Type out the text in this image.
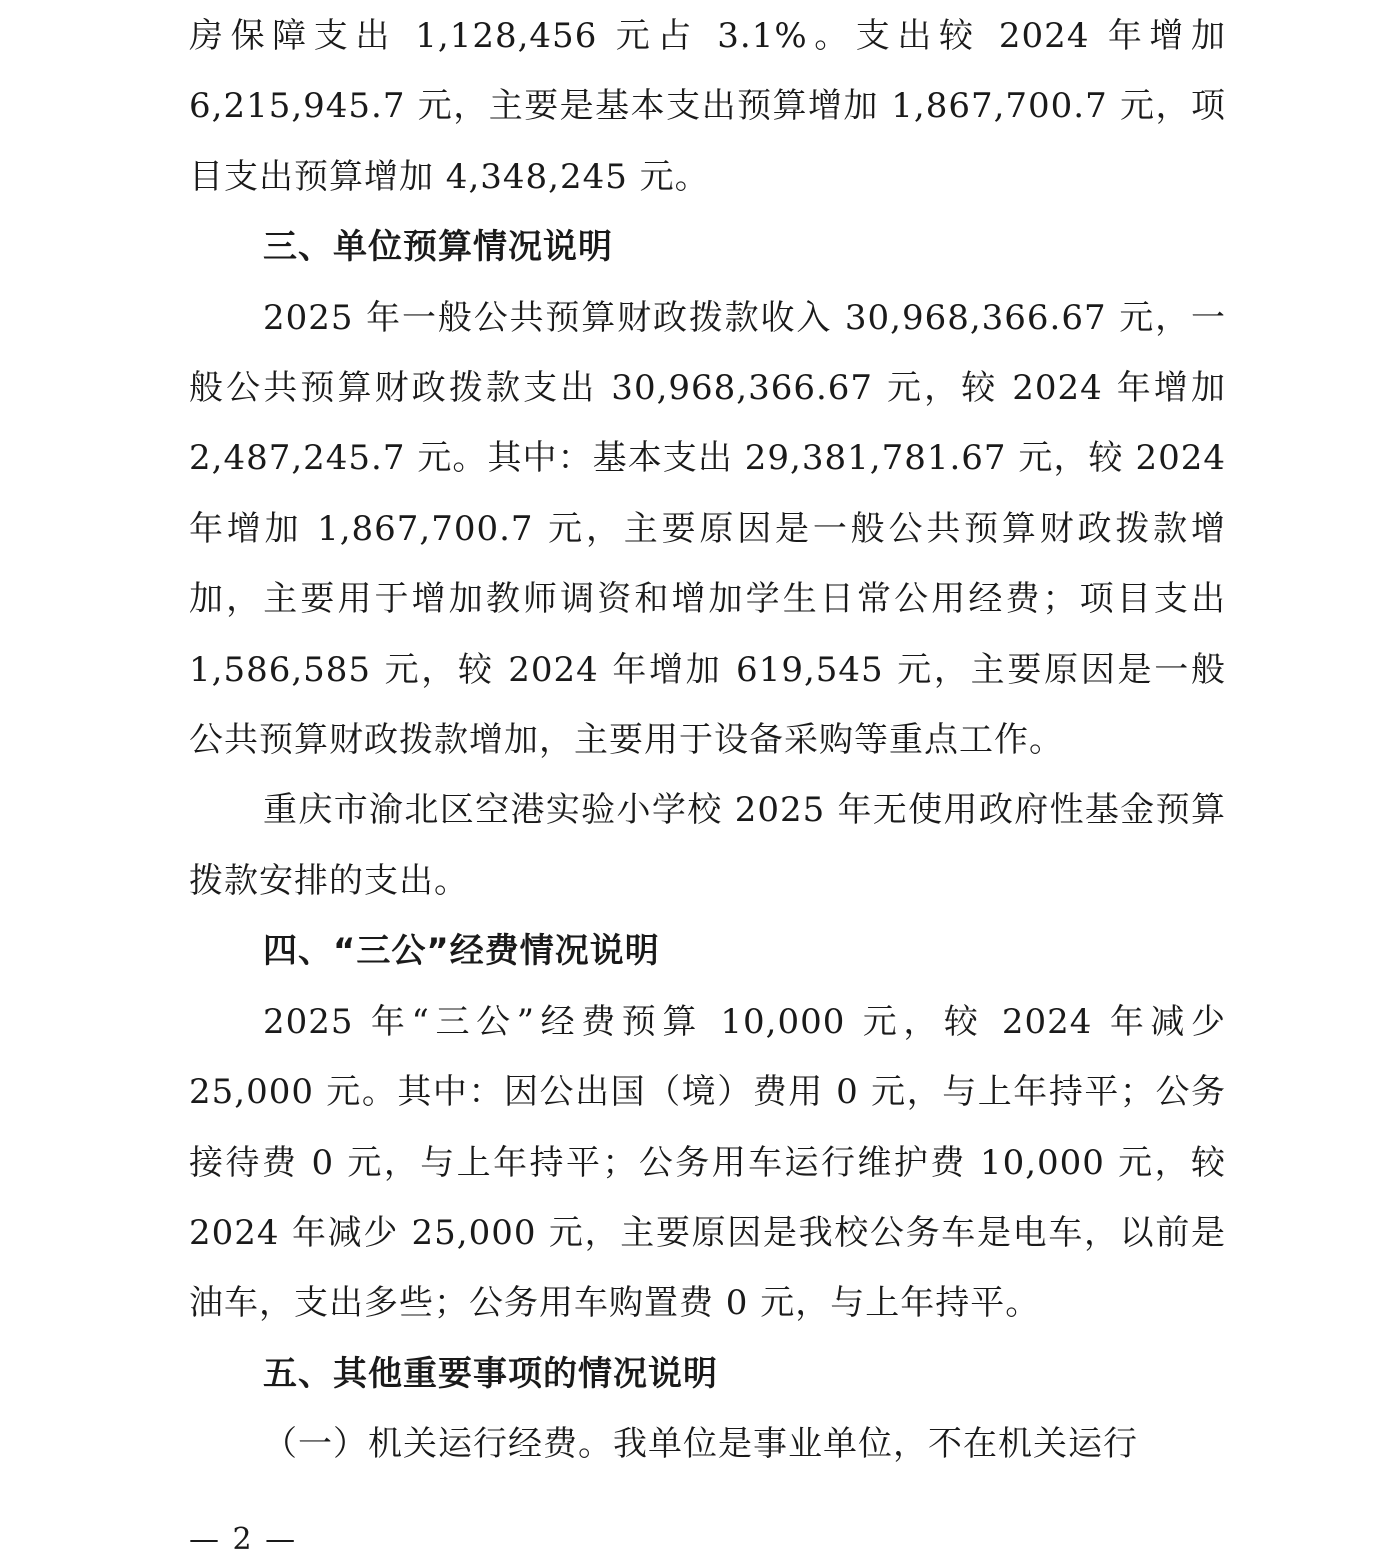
房保障支出 1,128,456 元占 3.1%。支出较 2024 年增加 6,215,945.7 元，主要是基本支出预算增加 1,867,700.7 元，项目支出预算增加 4,348,245 元。

三、单位预算情况说明

2025 年一般公共预算财政拨款收入 30,968,366.67 元，一般公共预算财政拨款支出 30,968,366.67 元，较 2024 年增加 2,487,245.7 元。其中：基本支出 29,381,781.67 元，较 2024 年增加 1,867,700.7 元，主要原因是一般公共预算财政拨款增加，主要用于增加教师调资和增加学生日常公用经费；项目支出 1,586,585 元，较 2024 年增加 619,545 元，主要原因是一般公共预算财政拨款增加，主要用于设备采购等重点工作。

重庆市渝北区空港实验小学校 2025 年无使用政府性基金预算拨款安排的支出。

四、“三公”经费情况说明

2025 年“三公”经费预算 10,000 元，较 2024 年减少 25,000 元。其中：因公出国（境）费用 0 元，与上年持平；公务接待费 0 元，与上年持平；公务用车运行维护费 10,000 元，较 2024 年减少 25,000 元，主要原因是我校公务车是电车，以前是油车，支出多些；公务用车购置费 0 元，与上年持平。

五、其他重要事项的情况说明

（一）机关运行经费。我单位是事业单位，不在机关运行

— 2 —
